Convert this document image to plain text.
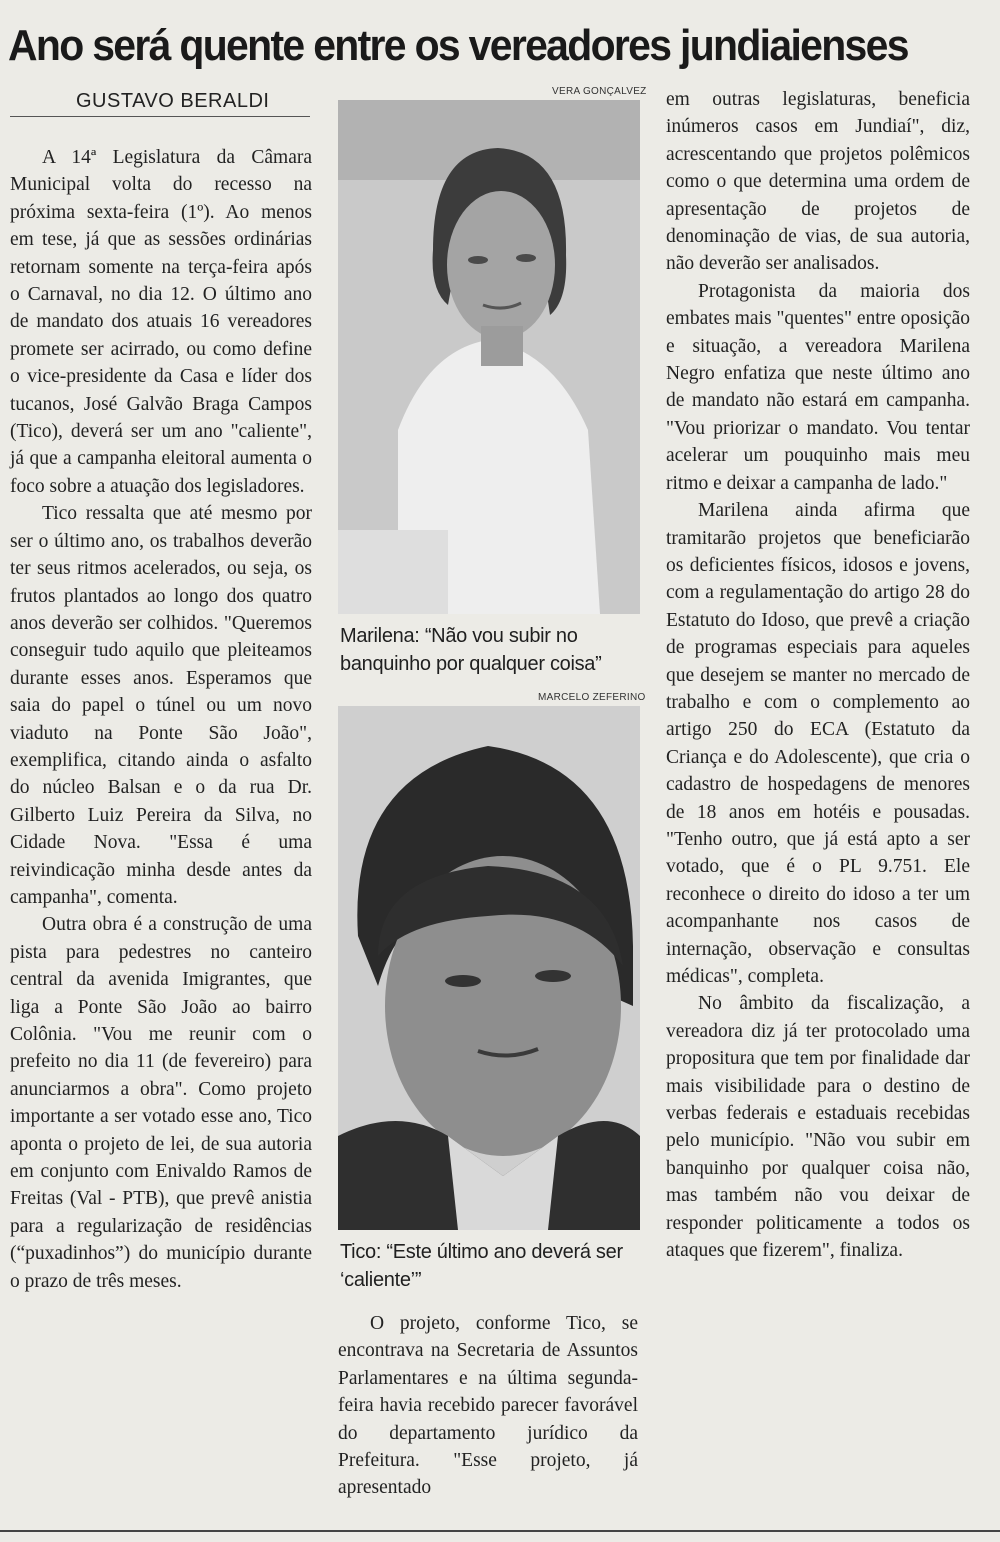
Ano será quente entre os vereadores jundiaienses
GUSTAVO BERALDI

A 14ª Legislatura da Câmara Municipal volta do recesso na próxima sexta-feira (1º). Ao menos em tese, já que as sessões ordinárias retornam somente na terça-feira após o Carnaval, no dia 12. O último ano de mandato dos atuais 16 vereadores promete ser acirrado, ou como define o vice-presidente da Casa e líder dos tucanos, José Galvão Braga Campos (Tico), deverá ser um ano "caliente", já que a campanha eleitoral aumenta o foco sobre a atuação dos legisladores.

Tico ressalta que até mesmo por ser o último ano, os trabalhos deverão ter seus ritmos acelerados, ou seja, os frutos plantados ao longo dos quatro anos deverão ser colhidos. "Queremos conseguir tudo aquilo que pleiteamos durante esses anos. Esperamos que saia do papel o túnel ou um novo viaduto na Ponte São João", exemplifica, citando ainda o asfalto do núcleo Balsan e o da rua Dr. Gilberto Luiz Pereira da Silva, no Cidade Nova. "Essa é uma reivindicação minha desde antes da campanha", comenta.

Outra obra é a construção de uma pista para pedestres no canteiro central da avenida Imigrantes, que liga a Ponte São João ao bairro Colônia. "Vou me reunir com o prefeito no dia 11 (de fevereiro) para anunciarmos a obra". Como projeto importante a ser votado esse ano, Tico aponta o projeto de lei, de sua autoria em conjunto com Enivaldo Ramos de Freitas (Val - PTB), que prevê anistia para a regularização de residências (“puxadinhos”) do município durante o prazo de três meses.

VERA GONÇALVEZ
Marilena: “Não vou subir no banquinho por qualquer coisa”
MARCELO ZEFERINO
Tico: “Este último ano deverá ser ‘caliente’”

O projeto, conforme Tico, se encontrava na Secretaria de Assuntos Parlamentares e na última segunda-feira havia recebido parecer favorável do departamento jurídico da Prefeitura. "Esse projeto, já apresentado

em outras legislaturas, beneficia inúmeros casos em Jundiaí", diz, acrescentando que projetos polêmicos como o que determina uma ordem de apresentação de projetos de denominação de vias, de sua autoria, não deverão ser analisados.

Protagonista da maioria dos embates mais "quentes" entre oposição e situação, a vereadora Marilena Negro enfatiza que neste último ano de mandato não estará em campanha. "Vou priorizar o mandato. Vou tentar acelerar um pouquinho mais meu ritmo e deixar a campanha de lado."

Marilena ainda afirma que tramitarão projetos que beneficiarão os deficientes físicos, idosos e jovens, com a regulamentação do artigo 28 do Estatuto do Idoso, que prevê a criação de programas especiais para aqueles que desejem se manter no mercado de trabalho e com o complemento ao artigo 250 do ECA (Estatuto da Criança e do Adolescente), que cria o cadastro de hospedagens de menores de 18 anos em hotéis e pousadas. "Tenho outro, que já está apto a ser votado, que é o PL 9.751. Ele reconhece o direito do idoso a ter um acompanhante nos casos de internação, observação e consultas médicas", completa.

No âmbito da fiscalização, a vereadora diz já ter protocolado uma propositura que tem por finalidade dar mais visibilidade para o destino de verbas federais e estaduais recebidas pelo município. "Não vou subir em banquinho por qualquer coisa não, mas também não vou deixar de responder politicamente a todos os ataques que fizerem", finaliza.
